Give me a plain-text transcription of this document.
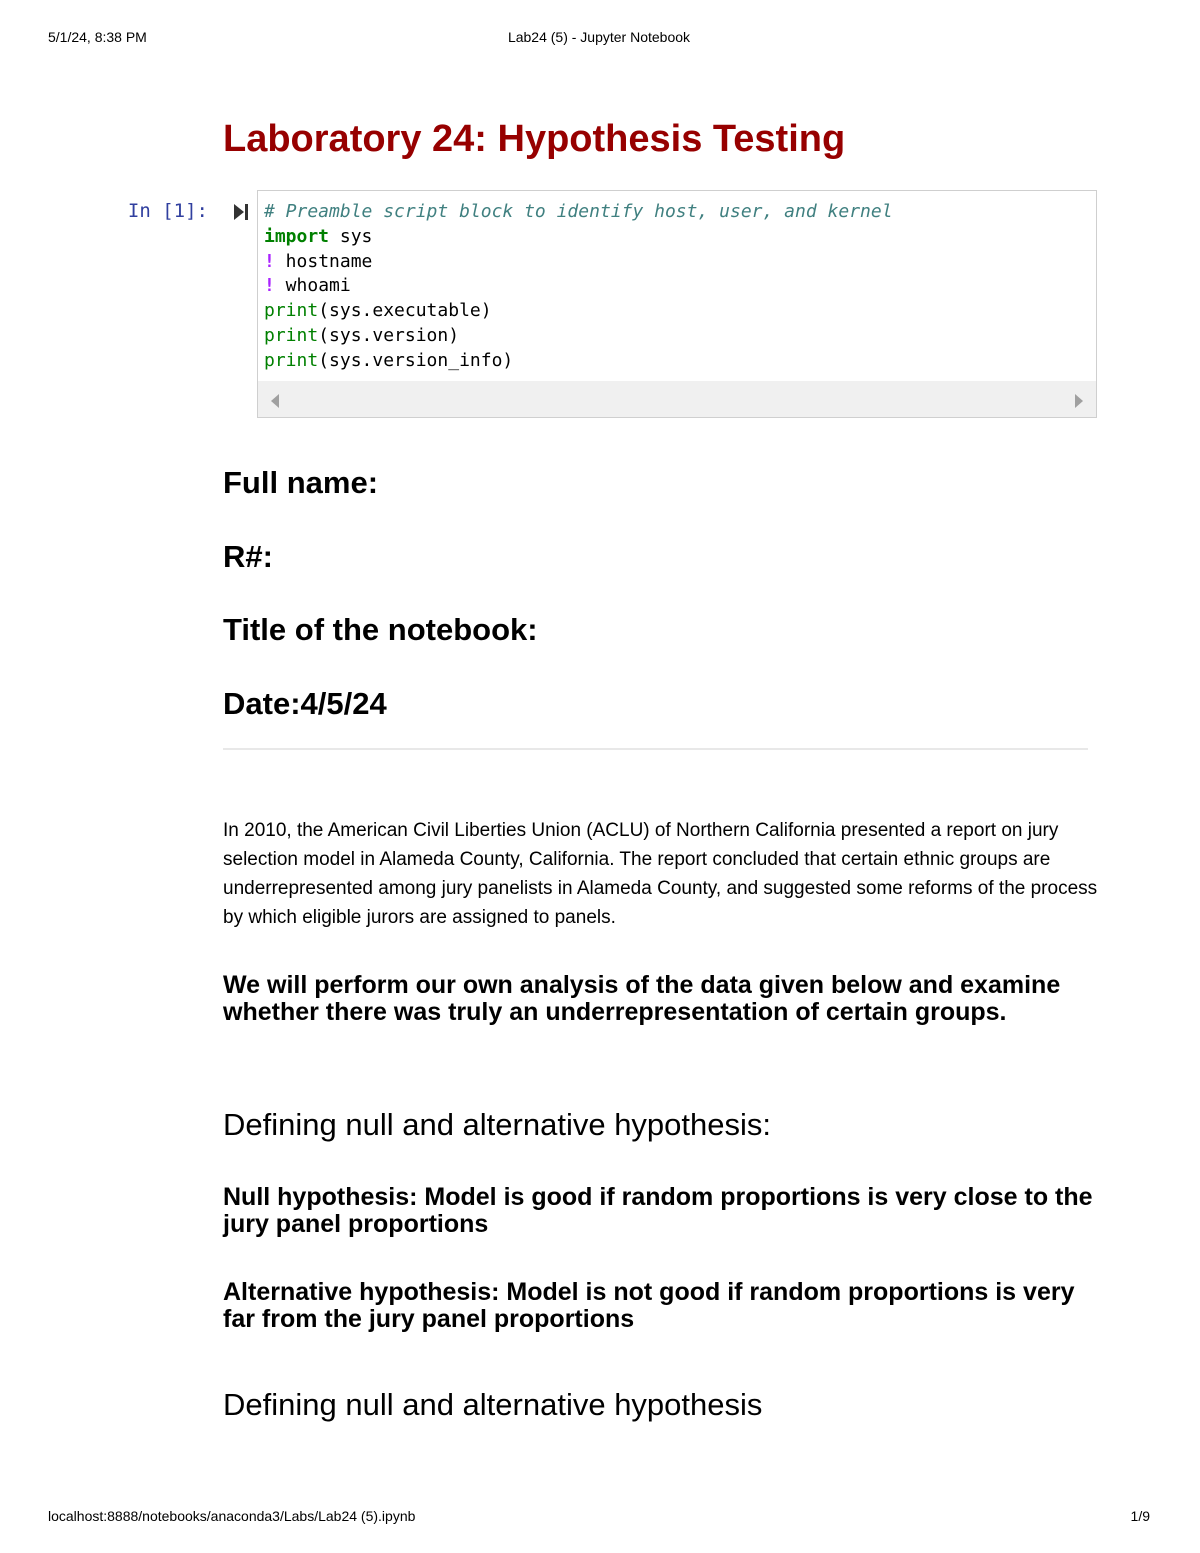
5/1/24, 8:38 PM	Lab24 (5) - Jupyter Notebook
Laboratory 24: Hypothesis Testing
In [1]:	# Preamble script block to identify host, user, and kernel
import sys
! hostname
! whoami
print(sys.executable)
print(sys.version)
print(sys.version_info)
Full name:
R#:
Title of the notebook:
Date:4/5/24

In 2010, the American Civil Liberties Union (ACLU) of Northern California presented a report on jury selection model in Alameda County, California. The report concluded that certain ethnic groups are underrepresented among jury panelists in Alameda County, and suggested some reforms of the process by which eligible jurors are assigned to panels.

We will perform our own analysis of the data given below and examine whether there was truly an underrepresentation of certain groups.

Defining null and alternative hypothesis:

Null hypothesis: Model is good if random proportions is very close to the jury panel proportions

Alternative hypothesis: Model is not good if random proportions is very far from the jury panel proportions

Defining null and alternative hypothesis
localhost:8888/notebooks/anaconda3/Labs/Lab24 (5).ipynb	1/9
